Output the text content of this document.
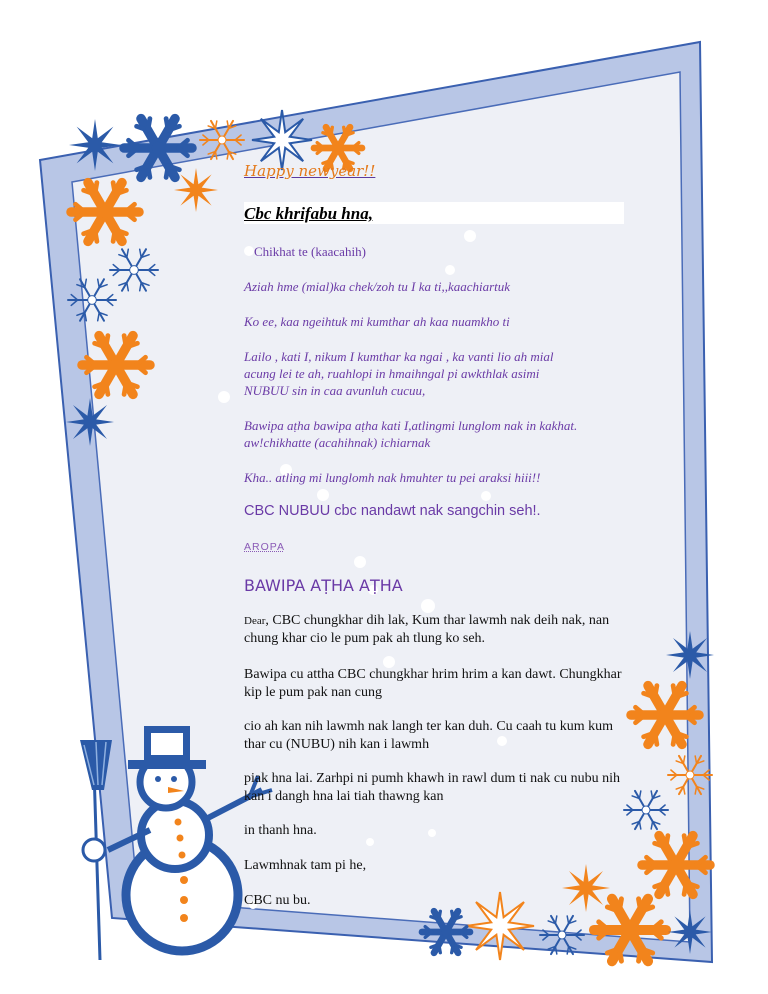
Happy newyear!!
Cbc khrifabu hna,
Chikhat te (kaacahih)
Aziah hme (mial)ka chek/zoh tu I ka ti,,kaachiartuk
Ko ee, kaa ngeihtuk mi kumthar ah kaa nuamkho ti
Lailo , kati I, nikum I kumthar ka ngai , ka vanti lio ah mial
acung lei te ah, ruahlopi in hmaihngal pi awkthlak asimi
NUBUU sin in caa avunluh cucuu,
Bawipa aṭha bawipa aṭha kati I,atlingmi lunglom nak in kakhat.
aw!chikhatte (acahihnak) ichiarnak
Kha.. atling mi lunglomh nak hmuhter tu pei araksi hiii!!
CBC NUBUU cbc nandawt nak sangchin seh!.
AROPA
BAWIPA AṬHA AṬHA
Dear, CBC chungkhar dih lak, Kum thar lawmh nak deih nak, nan chung khar cio le pum pak ah tlung ko seh.
Bawipa cu attha CBC chungkhar hrim hrim a kan dawt. Chungkhar kip le pum pak nan cung
cio ah kan nih lawmh nak langh ter kan duh. Cu caah tu kum kum thar cu (NUBU) nih kan i lawmh
piak hna lai. Zarhpi ni pumh khawh in rawl dum ti nak cu nubu nih kan i dangh hna lai tiah thawng kan
in thanh hna.
Lawmhnak tam pi he,
CBC nu bu.
